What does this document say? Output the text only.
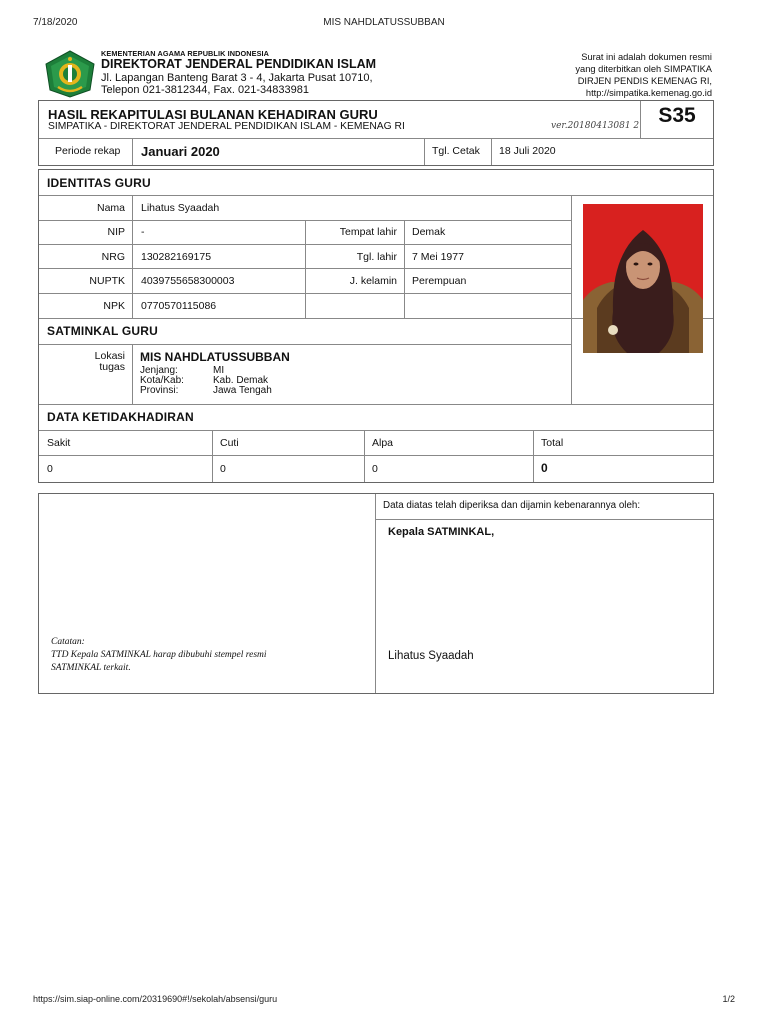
7/18/2020	MIS NAHDLATUSSUBBAN
KEMENTERIAN AGAMA REPUBLIK INDONESIA
DIREKTORAT JENDERAL PENDIDIKAN ISLAM
Jl. Lapangan Banteng Barat 3 - 4, Jakarta Pusat 10710,
Telepon 021-3812344, Fax. 021-34833981
Surat ini adalah dokumen resmi
yang diterbitkan oleh SIMPATIKA
DIRJEN PENDIS KEMENAG RI,
http://simpatika.kemenag.go.id
HASIL REKAPITULASI BULANAN KEHADIRAN GURU
SIMPATIKA - DIREKTORAT JENDERAL PENDIDIKAN ISLAM - KEMENAG RI	ver.20180413081 2 S35
Periode rekap Januari 2020	Tgl. Cetak 18 Juli 2020
IDENTITAS GURU
Nama Lihatus Syaadah
NIP -	Tempat lahir Demak
NRG 130282169175	Tgl. lahir 7 Mei 1977
NUPTK 4039755658300003	J. kelamin Perempuan
NPK 0770570115086
SATMINKAL GURU
Lokasi
tugas
MIS NAHDLATUSSUBBAN
Jenjang:	MI
Kota/Kab:	Kab. Demak
Provinsi:	Jawa Tengah
DATA KETIDAKHADIRAN
Sakit	Cuti	Alpa	Total
0	0	0	0
Data diatas telah diperiksa dan dijamin kebenarannya oleh:
Kepala SATMINKAL,
Lihatus Syaadah
Catatan:
TTD Kepala SATMINKAL harap dibubuhi stempel resmi
SATMINKAL terkait.
https://sim.siap-online.com/20319690#!/sekolah/absensi/guru	1/2
